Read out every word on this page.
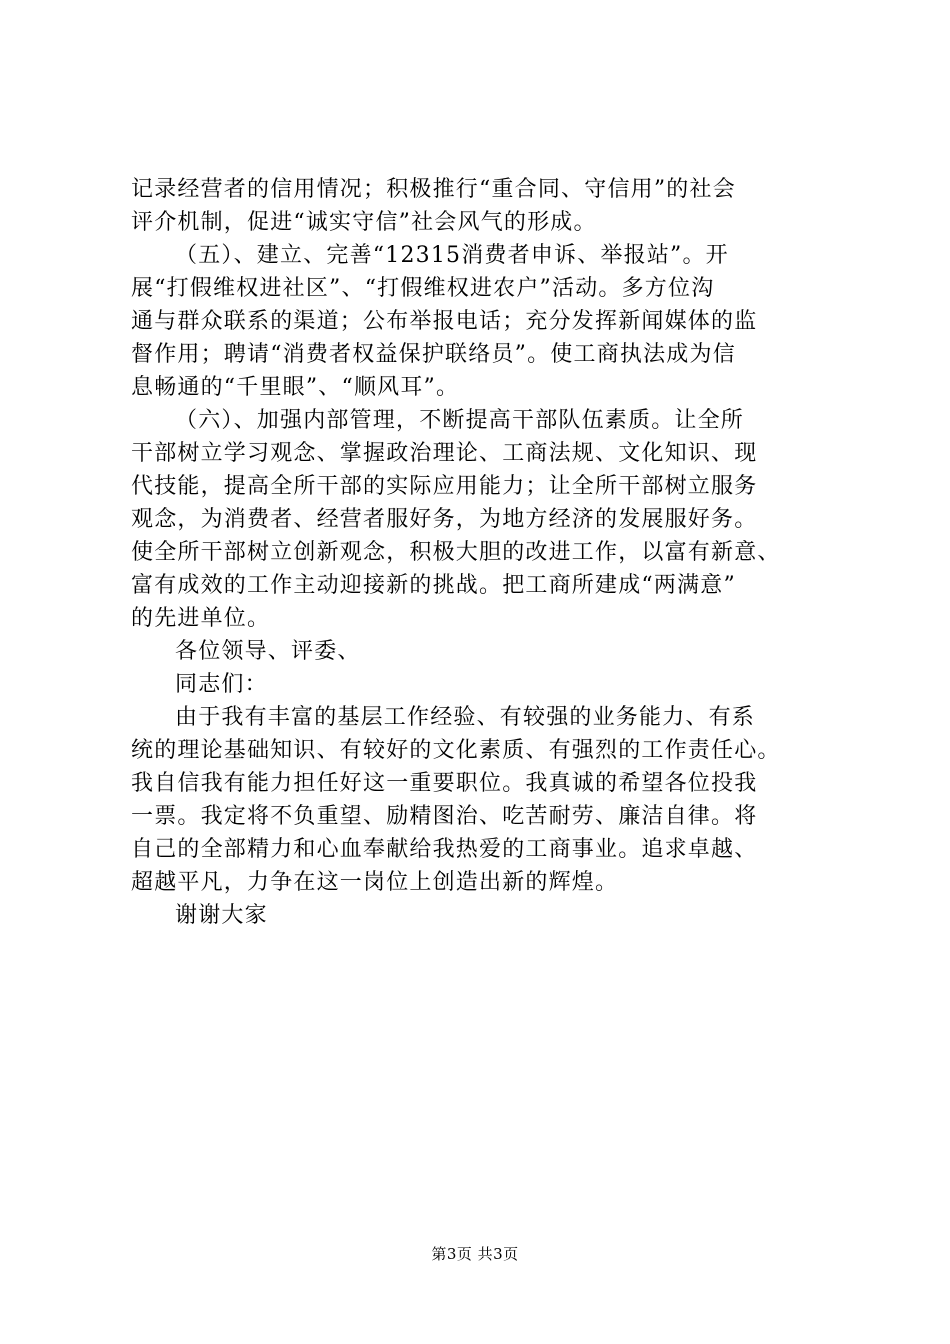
记录经营者的信用情况；积极推行“重合同、守信用”的社会
评介机制，促进“诚实守信”社会风气的形成。
（五）、建立、完善“12315消费者申诉、举报站”。开
展“打假维权进社区”、“打假维权进农户”活动。多方位沟
通与群众联系的渠道；公布举报电话；充分发挥新闻媒体的监
督作用；聘请“消费者权益保护联络员”。使工商执法成为信
息畅通的“千里眼”、“顺风耳”。
（六）、加强内部管理，不断提高干部队伍素质。让全所
干部树立学习观念、掌握政治理论、工商法规、文化知识、现
代技能，提高全所干部的实际应用能力；让全所干部树立服务
观念，为消费者、经营者服好务，为地方经济的发展服好务。
使全所干部树立创新观念，积极大胆的改进工作，以富有新意、
富有成效的工作主动迎接新的挑战。把工商所建成“两满意”
的先进单位。
各位领导、评委、
同志们：
由于我有丰富的基层工作经验、有较强的业务能力、有系
统的理论基础知识、有较好的文化素质、有强烈的工作责任心。
我自信我有能力担任好这一重要职位。我真诚的希望各位投我
一票。我定将不负重望、励精图治、吃苦耐劳、廉洁自律。将
自己的全部精力和心血奉献给我热爱的工商事业。追求卓越、
超越平凡，力争在这一岗位上创造出新的辉煌。
谢谢大家
第3页 共3页
